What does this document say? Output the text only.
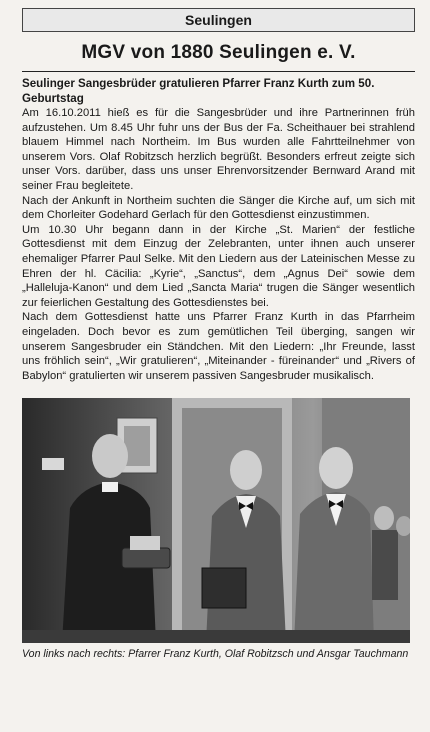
Seulingen
MGV von 1880 Seulingen e. V.
Seulinger Sangesbrüder gratulieren Pfarrer Franz Kurth zum 50. Geburtstag

Am 16.10.2011 hieß es für die Sangesbrüder und ihre Partnerinnen früh aufzustehen. Um 8.45 Uhr fuhr uns der Bus der Fa. Scheithauer bei strahlend blauem Himmel nach Northeim. Im Bus wurden alle Fahrtteilnehmer von unserem Vors. Olaf Robitzsch herzlich begrüßt. Besonders erfreut zeigte sich unser Vors. darüber, dass uns unser Ehrenvorsitzender Bernward Arand mit seiner Frau begleitete.

Nach der Ankunft in Northeim suchten die Sänger die Kirche auf, um sich mit dem Chorleiter Godehard Gerlach für den Gottesdienst einzustimmen.

Um 10.30 Uhr begann dann in der Kirche „St. Marien“ der festliche Gottesdienst mit dem Einzug der Zelebranten, unter ihnen auch unserer ehemaliger Pfarrer Paul Selke. Mit den Liedern aus der Lateinischen Messe zu Ehren der hl. Cäcilia: „Kyrie“, „Sanctus“, dem „Agnus Dei“ sowie dem „Halleluja-Kanon“ und dem Lied „Sancta Maria“ trugen die Sänger wesentlich zur feierlichen Gestaltung des Gottesdienstes bei.

Nach dem Gottesdienst hatte uns Pfarrer Franz Kurth in das Pfarrheim eingeladen. Doch bevor es zum gemütlichen Teil überging, sangen wir unserem Sangesbruder ein Ständchen. Mit den Liedern: „Ihr Freunde, lasst uns fröhlich sein“, „Wir gratulieren“, „Miteinander - füreinander“ und „Rivers of Babylon“ gratulierten wir unserem passiven Sangesbruder musikalisch.

Von links nach rechts: Pfarrer Franz Kurth, Olaf Robitzsch und Ansgar Tauchmann
